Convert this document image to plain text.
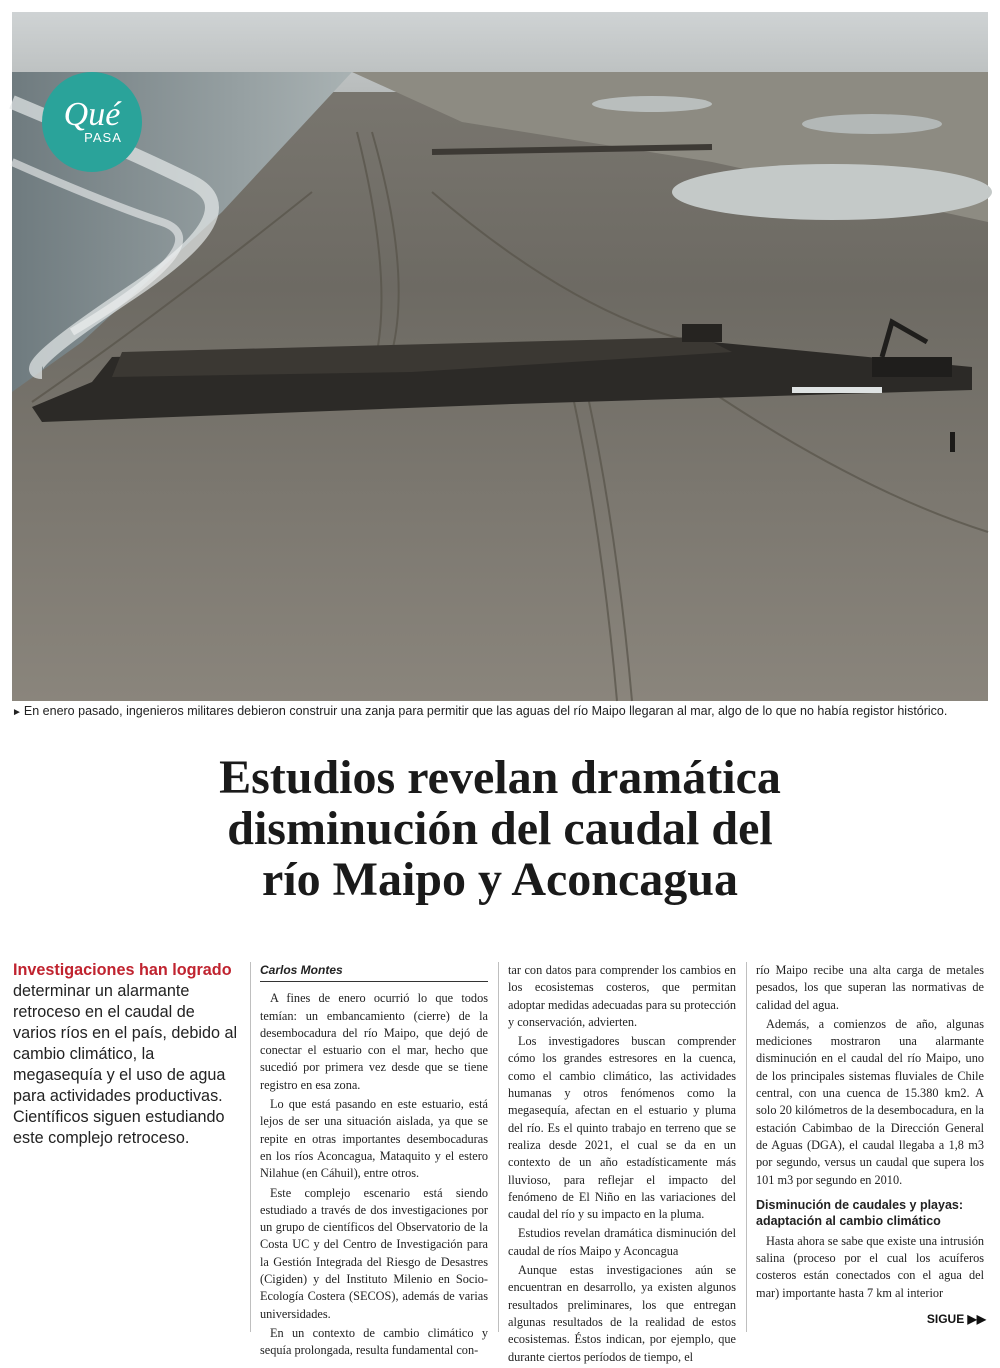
Qué
PASA
► En enero pasado, ingenieros militares debieron construir una zanja para permitir que las aguas del río Maipo llegaran al mar, algo de lo que no había registor histórico.
Estudios revelan dramática
disminución del caudal del
río Maipo y Aconcagua
Investigaciones han logrado determinar un alarmante retroceso en el caudal de varios ríos en el país, debido al cambio climático, la megasequía y el uso de agua para actividades productivas. Científicos siguen estudiando este complejo retroceso.
Carlos Montes

A fines de enero ocurrió lo que todos temían: un embancamiento (cierre) de la desembocadura del río Maipo, que dejó de conectar el estuario con el mar, hecho que sucedió por primera vez desde que se tiene registro en esa zona.

Lo que está pasando en este estuario, está lejos de ser una situación aislada, ya que se repite en otras importantes desembocaduras en los ríos Aconcagua, Mataquito y el estero Nilahue (en Cáhuil), entre otros.

Este complejo escenario está siendo estudiado a través de dos investigaciones por un grupo de científicos del Observatorio de la Costa UC y del Centro de Investigación para la Gestión Integrada del Riesgo de Desastres (Cigiden) y del Instituto Milenio en Socio-Ecología Costera (SECOS), además de varias universidades.

En un contexto de cambio climático y sequía prolongada, resulta fundamental con-

tar con datos para comprender los cambios en los ecosistemas costeros, que permitan adoptar medidas adecuadas para su protección y conservación, advierten.

Los investigadores buscan comprender cómo los grandes estresores en la cuenca, como el cambio climático, las actividades humanas y otros fenómenos como la megasequía, afectan en el estuario y pluma del río. Es el quinto trabajo en terreno que se realiza desde 2021, el cual se da en un contexto de un año estadísticamente más lluvioso, para reflejar el impacto del fenómeno de El Niño en las variaciones del caudal del río y su impacto en la pluma.

Estudios revelan dramática disminución del caudal de ríos Maipo y Aconcagua

Aunque estas investigaciones aún se encuentran en desarrollo, ya existen algunos resultados preliminares, los que entregan algunas resultados de la realidad de estos ecosistemas. Éstos indican, por ejemplo, que durante ciertos períodos de tiempo, el

río Maipo recibe una alta carga de metales pesados, los que superan las normativas de calidad del agua.

Además, a comienzos de año, algunas mediciones mostraron una alarmante disminución en el caudal del río Maipo, uno de los principales sistemas fluviales de Chile central, con una cuenca de 15.380 km2. A solo 20 kilómetros de la desembocadura, en la estación Cabimbao de la Dirección General de Aguas (DGA), el caudal llegaba a 1,8 m3 por segundo, versus un caudal que supera los 101 m3 por segundo en 2010.

Disminución de caudales y playas: adaptación al cambio climático

Hasta ahora se sabe que existe una intrusión salina (proceso por el cual los acuíferos costeros están conectados con el agua del mar) importante hasta 7 km al interior

SIGUE ▶▶
